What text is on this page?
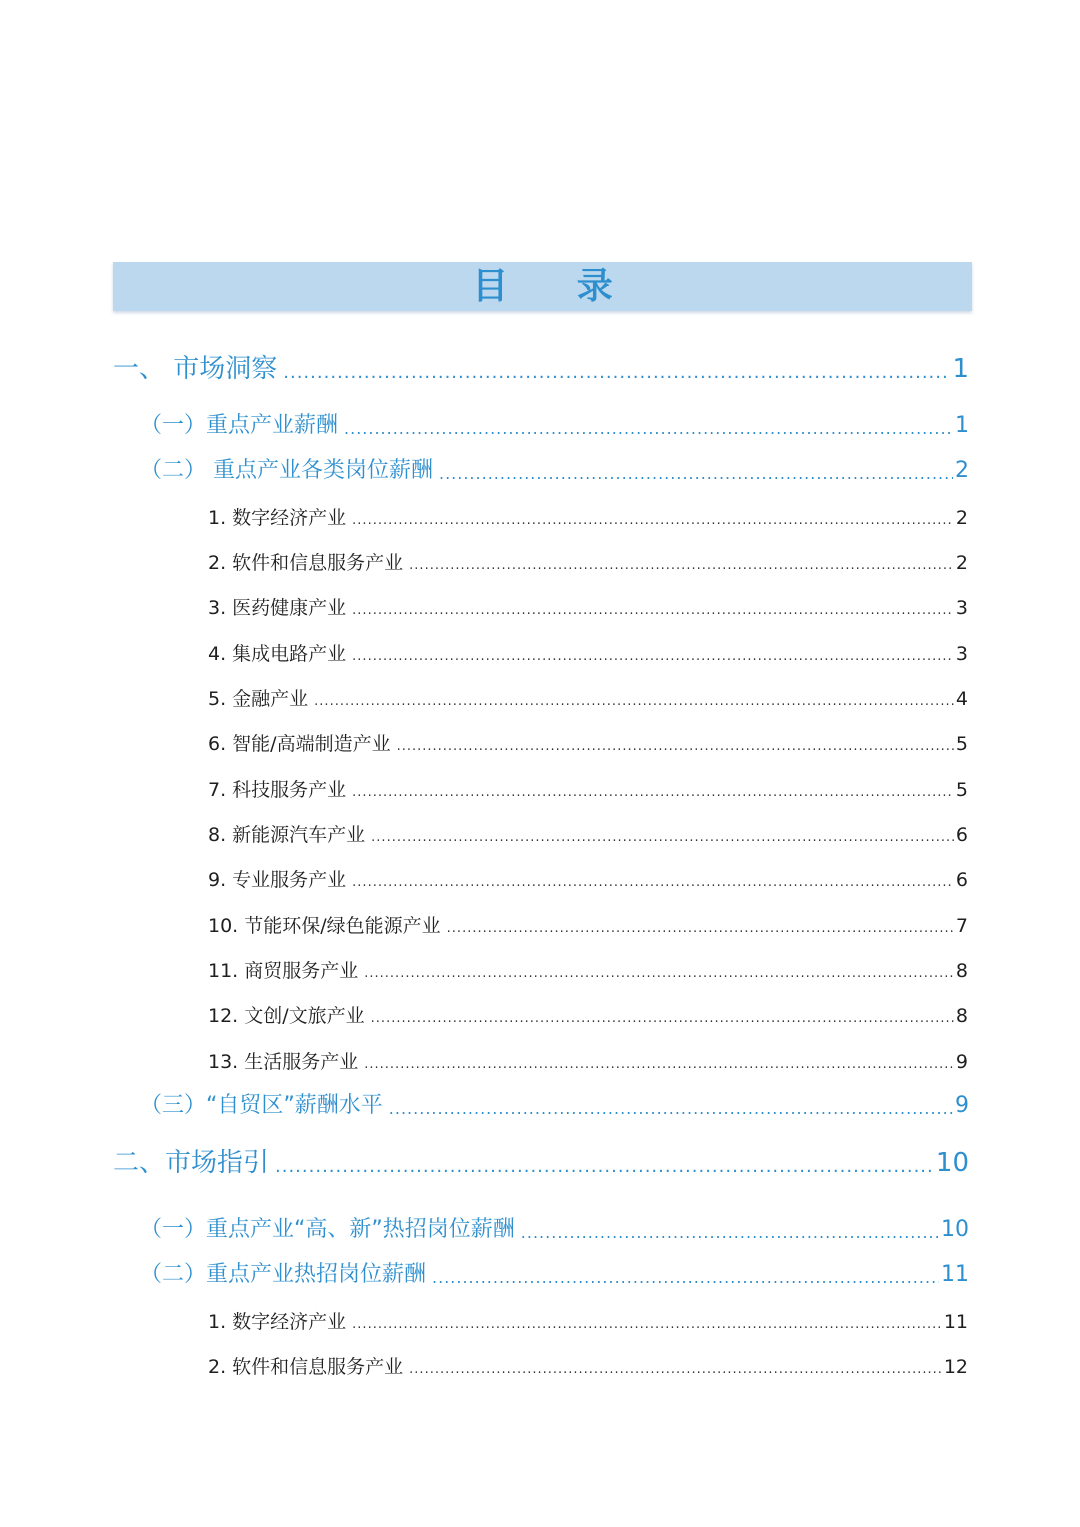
目 录
一、 市场洞察 .....	1
（一）重点产业薪酬 .....	1
（二） 重点产业各类岗位薪酬 .....	2
1. 数字经济产业 .....	2
2. 软件和信息服务产业 .....	2
3. 医药健康产业 .....	3
4. 集成电路产业 .....	3
5. 金融产业 .....	4
6. 智能/高端制造产业 .....	5
7. 科技服务产业 .....	5
8. 新能源汽车产业 .....	6
9. 专业服务产业 .....	6
10. 节能环保/绿色能源产业 .....	7
11. 商贸服务产业 .....	8
12. 文创/文旅产业 .....	8
13. 生活服务产业 .....	9
（三）“自贸区”薪酬水平 .....	9
二、市场指引 .....	10
（一）重点产业“高、新”热招岗位薪酬 .....	10
（二）重点产业热招岗位薪酬 .....	11
1. 数字经济产业 .....	11
2. 软件和信息服务产业 .....	12
